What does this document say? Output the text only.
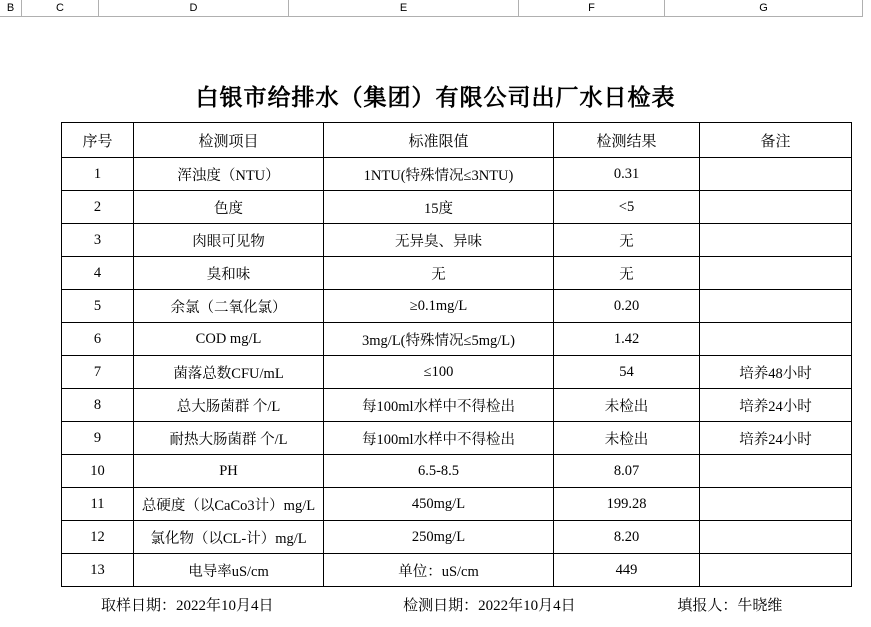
B	C	D	E	F	G
白银市给排水（集团）有限公司出厂水日检表
序号	检测项目	标准限值	检测结果	备注
1	浑浊度（NTU）	1NTU(特殊情况≤3NTU)	0.31	
2	色度	15度	<5	
3	肉眼可见物	无异臭、异味	无	
4	臭和味	无	无	
5	余氯（二氧化氯）	≥0.1mg/L	0.20	
6	COD mg/L	3mg/L(特殊情况≤5mg/L)	1.42	
7	菌落总数CFU/mL	≤100	54	培养48小时
8	总大肠菌群 个/L	每100ml水样中不得检出	未检出	培养24小时
9	耐热大肠菌群 个/L	每100ml水样中不得检出	未检出	培养24小时
10	PH	6.5-8.5	8.07	
11	总硬度（以CaCo3计）mg/L	450mg/L	199.28	
12	氯化物（以CL-计）mg/L	250mg/L	8.20	
13	电导率uS/cm	单位：uS/cm	449	
取样日期：2022年10月4日	检测日期：2022年10月4日	填报人：牛晓维
